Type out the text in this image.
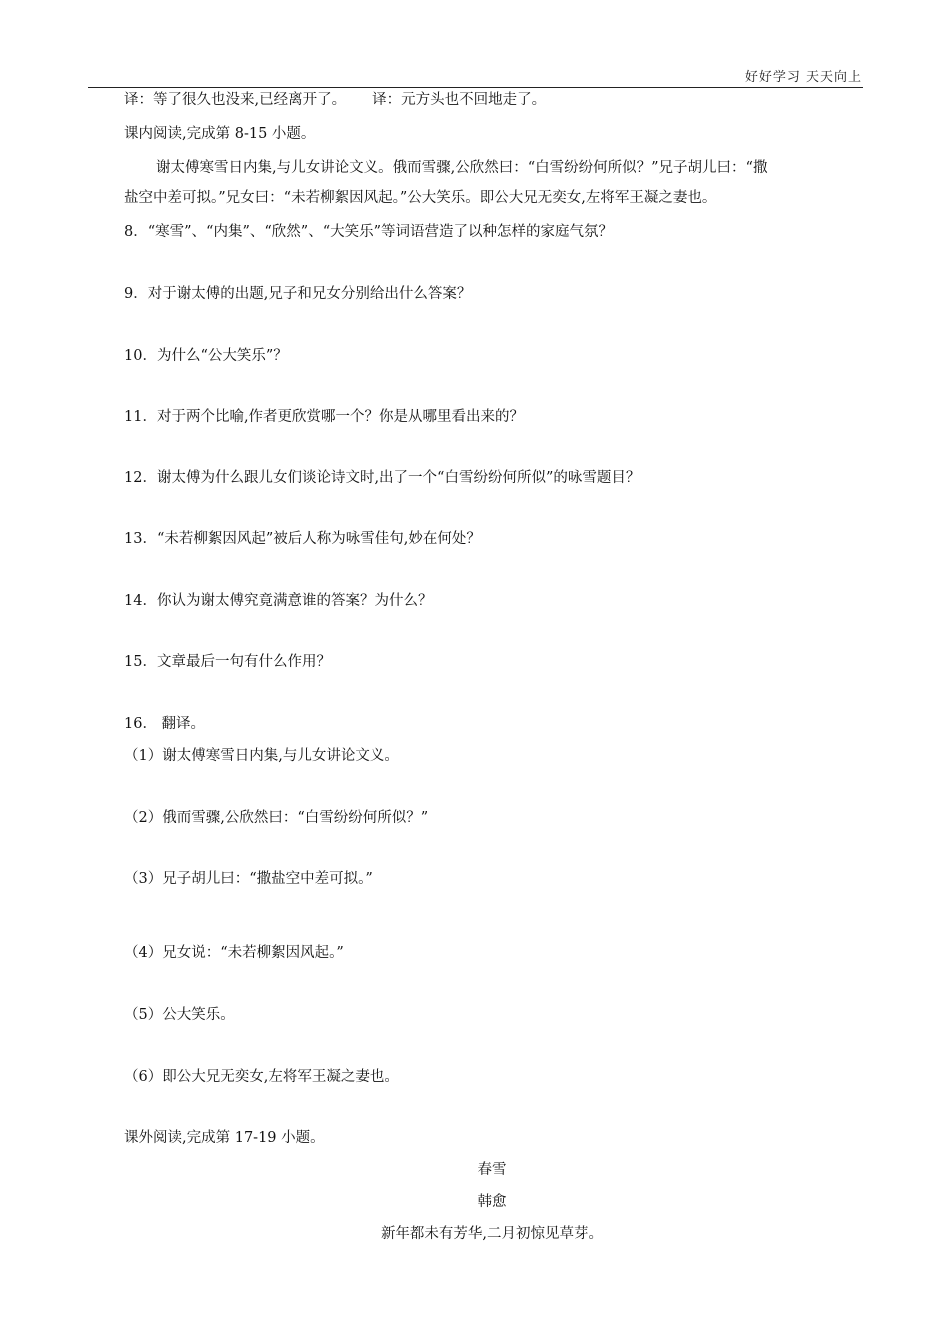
好好学习 天天向上
译：等了很久也没来,已经离开了。 译：元方头也不回地走了。
课内阅读,完成第 8-15 小题。
谢太傅寒雪日内集,与儿女讲论文义。俄而雪骤,公欣然曰：“白雪纷纷何所似？”兄子胡儿曰：“撒
盐空中差可拟。”兄女曰：“未若柳絮因风起。”公大笑乐。即公大兄无奕女,左将军王凝之妻也。
8．“寒雪”、“内集”、“欣然”、“大笑乐”等词语营造了以种怎样的家庭气氛？
9．对于谢太傅的出题,兄子和兄女分别给出什么答案？
10．为什么“公大笑乐”？
11．对于两个比喻,作者更欣赏哪一个？你是从哪里看出来的？
12．谢太傅为什么跟儿女们谈论诗文时,出了一个“白雪纷纷何所似”的咏雪题目？
13．“未若柳絮因风起”被后人称为咏雪佳句,妙在何处？
14．你认为谢太傅究竟满意谁的答案？为什么？
15．文章最后一句有什么作用？
16． 翻译。
（1）谢太傅寒雪日内集,与儿女讲论文义。
（2）俄而雪骤,公欣然曰：“白雪纷纷何所似？”
（3）兄子胡儿曰：“撒盐空中差可拟。”
（4）兄女说：“未若柳絮因风起。”
（5）公大笑乐。
（6）即公大兄无奕女,左将军王凝之妻也。
课外阅读,完成第 17-19 小题。
春雪
韩愈
新年都未有芳华,二月初惊见草芽。
